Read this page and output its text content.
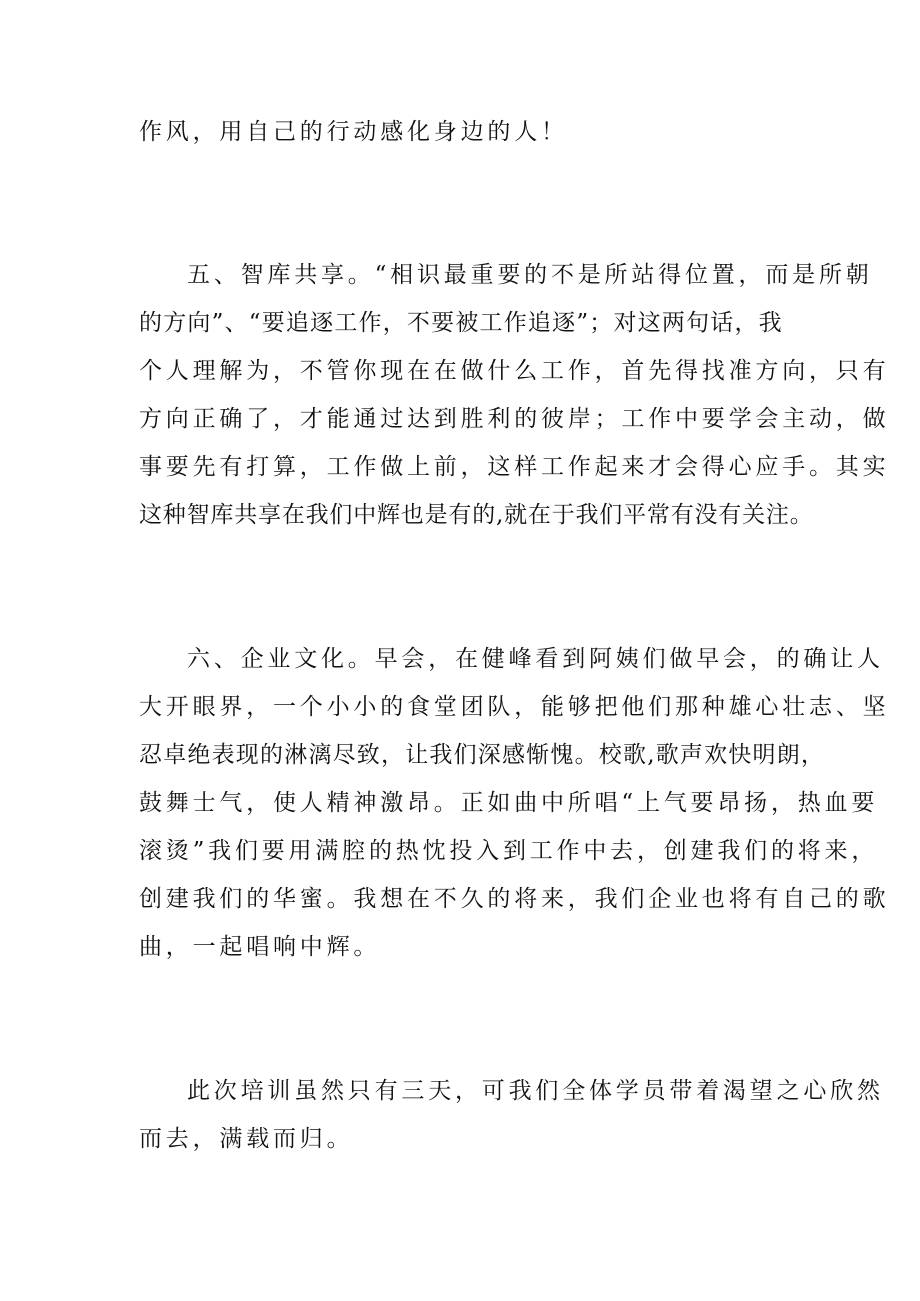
作风，用自己的行动感化身边的人！
五、智库共享。“相识最重要的不是所站得位置，而是所朝
的方向”、“要追逐工作，不要被工作追逐”；对这两句话，我
个人理解为，不管你现在在做什么工作，首先得找准方向，只有
方向正确了，才能通过达到胜利的彼岸；工作中要学会主动，做
事要先有打算，工作做上前，这样工作起来才会得心应手。其实
这种智库共享在我们中辉也是有的,就在于我们平常有没有关注。
六、企业文化。早会，在健峰看到阿姨们做早会，的确让人
大开眼界，一个小小的食堂团队，能够把他们那种雄心壮志、坚
忍卓绝表现的淋漓尽致，让我们深感惭愧。校歌,歌声欢快明朗，
鼓舞士气，使人精神激昂。正如曲中所唱“上气要昂扬，热血要
滚烫”我们要用满腔的热忱投入到工作中去，创建我们的将来，
创建我们的华蜜。我想在不久的将来，我们企业也将有自己的歌
曲，一起唱响中辉。
此次培训虽然只有三天，可我们全体学员带着渴望之心欣然
而去，满载而归。
